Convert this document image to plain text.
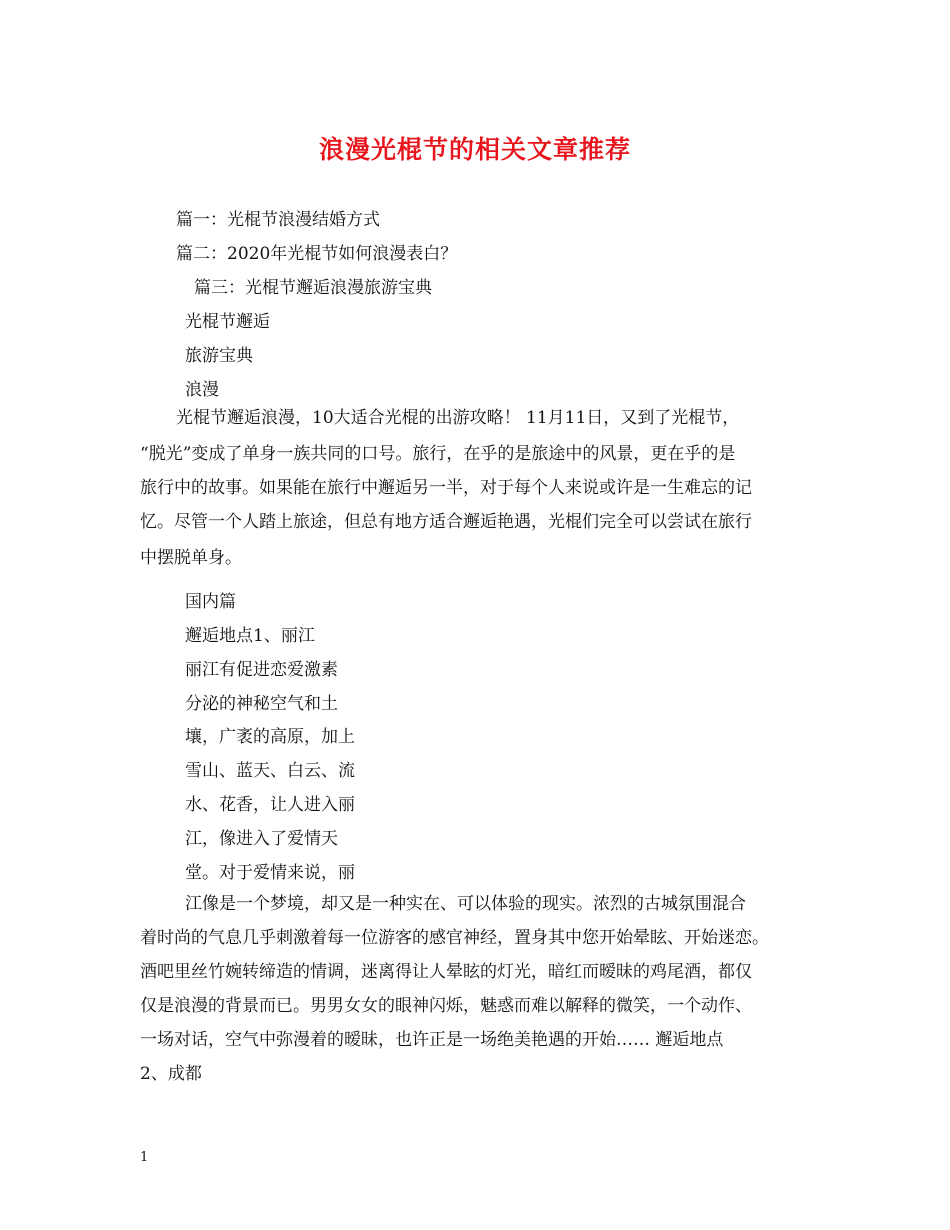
浪漫光棍节的相关文章推荐
篇一：光棍节浪漫结婚方式
篇二：2020年光棍节如何浪漫表白？
篇三：光棍节邂逅浪漫旅游宝典
光棍节邂逅
旅游宝典
浪漫
光棍节邂逅浪漫，10大适合光棍的出游攻略！ 11月11日，又到了光棍节，
“脱光”变成了单身一族共同的口号。旅行，在乎的是旅途中的风景，更在乎的是
旅行中的故事。如果能在旅行中邂逅另一半，对于每个人来说或许是一生难忘的记
忆。尽管一个人踏上旅途，但总有地方适合邂逅艳遇，光棍们完全可以尝试在旅行
中摆脱单身。
国内篇
邂逅地点1、丽江
丽江有促进恋爱激素
分泌的神秘空气和土
壤，广袤的高原，加上
雪山、蓝天、白云、流
水、花香，让人进入丽
江，像进入了爱情天
堂。对于爱情来说，丽
江像是一个梦境，却又是一种实在、可以体验的现实。浓烈的古城氛围混合
着时尚的气息几乎刺激着每一位游客的感官神经，置身其中您开始晕眩、开始迷恋。
酒吧里丝竹婉转缔造的情调，迷离得让人晕眩的灯光，暗红而暧昧的鸡尾酒，都仅
仅是浪漫的背景而已。男男女女的眼神闪烁，魅惑而难以解释的微笑，一个动作、
一场对话，空气中弥漫着的暧昧，也许正是一场绝美艳遇的开始…… 邂逅地点
2、成都
1
